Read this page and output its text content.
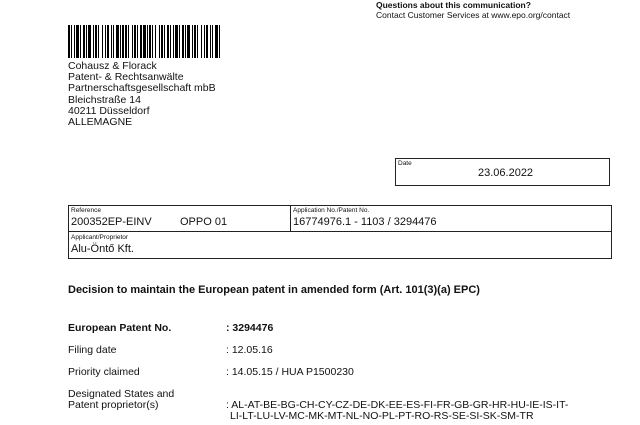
Questions about this communication?
Contact Customer Services at www.epo.org/contact
Cohausz & Florack
Patent- & Rechtsanwälte
Partnerschaftsgesellschaft mbB
Bleichstraße 14
40211 Düsseldorf
ALLEMAGNE
Date
23.06.2022
Reference
200352EP-EINV	OPPO 01
Application No./Patent No.
16774976.1 - 1103 / 3294476
Applicant/Proprietor
Alu-Öntő Kft.
Decision to maintain the European patent in amended form (Art. 101(3)(a) EPC)
European Patent No.	: 3294476
Filing date	: 12.05.16
Priority claimed	: 14.05.15 / HUA P1500230
Designated States and
Patent proprietor(s)	: AL-AT-BE-BG-CH-CY-CZ-DE-DK-EE-ES-FI-FR-GB-GR-HR-HU-IE-IS-IT-
LI-LT-LU-LV-MC-MK-MT-NL-NO-PL-PT-RO-RS-SE-SI-SK-SM-TR
